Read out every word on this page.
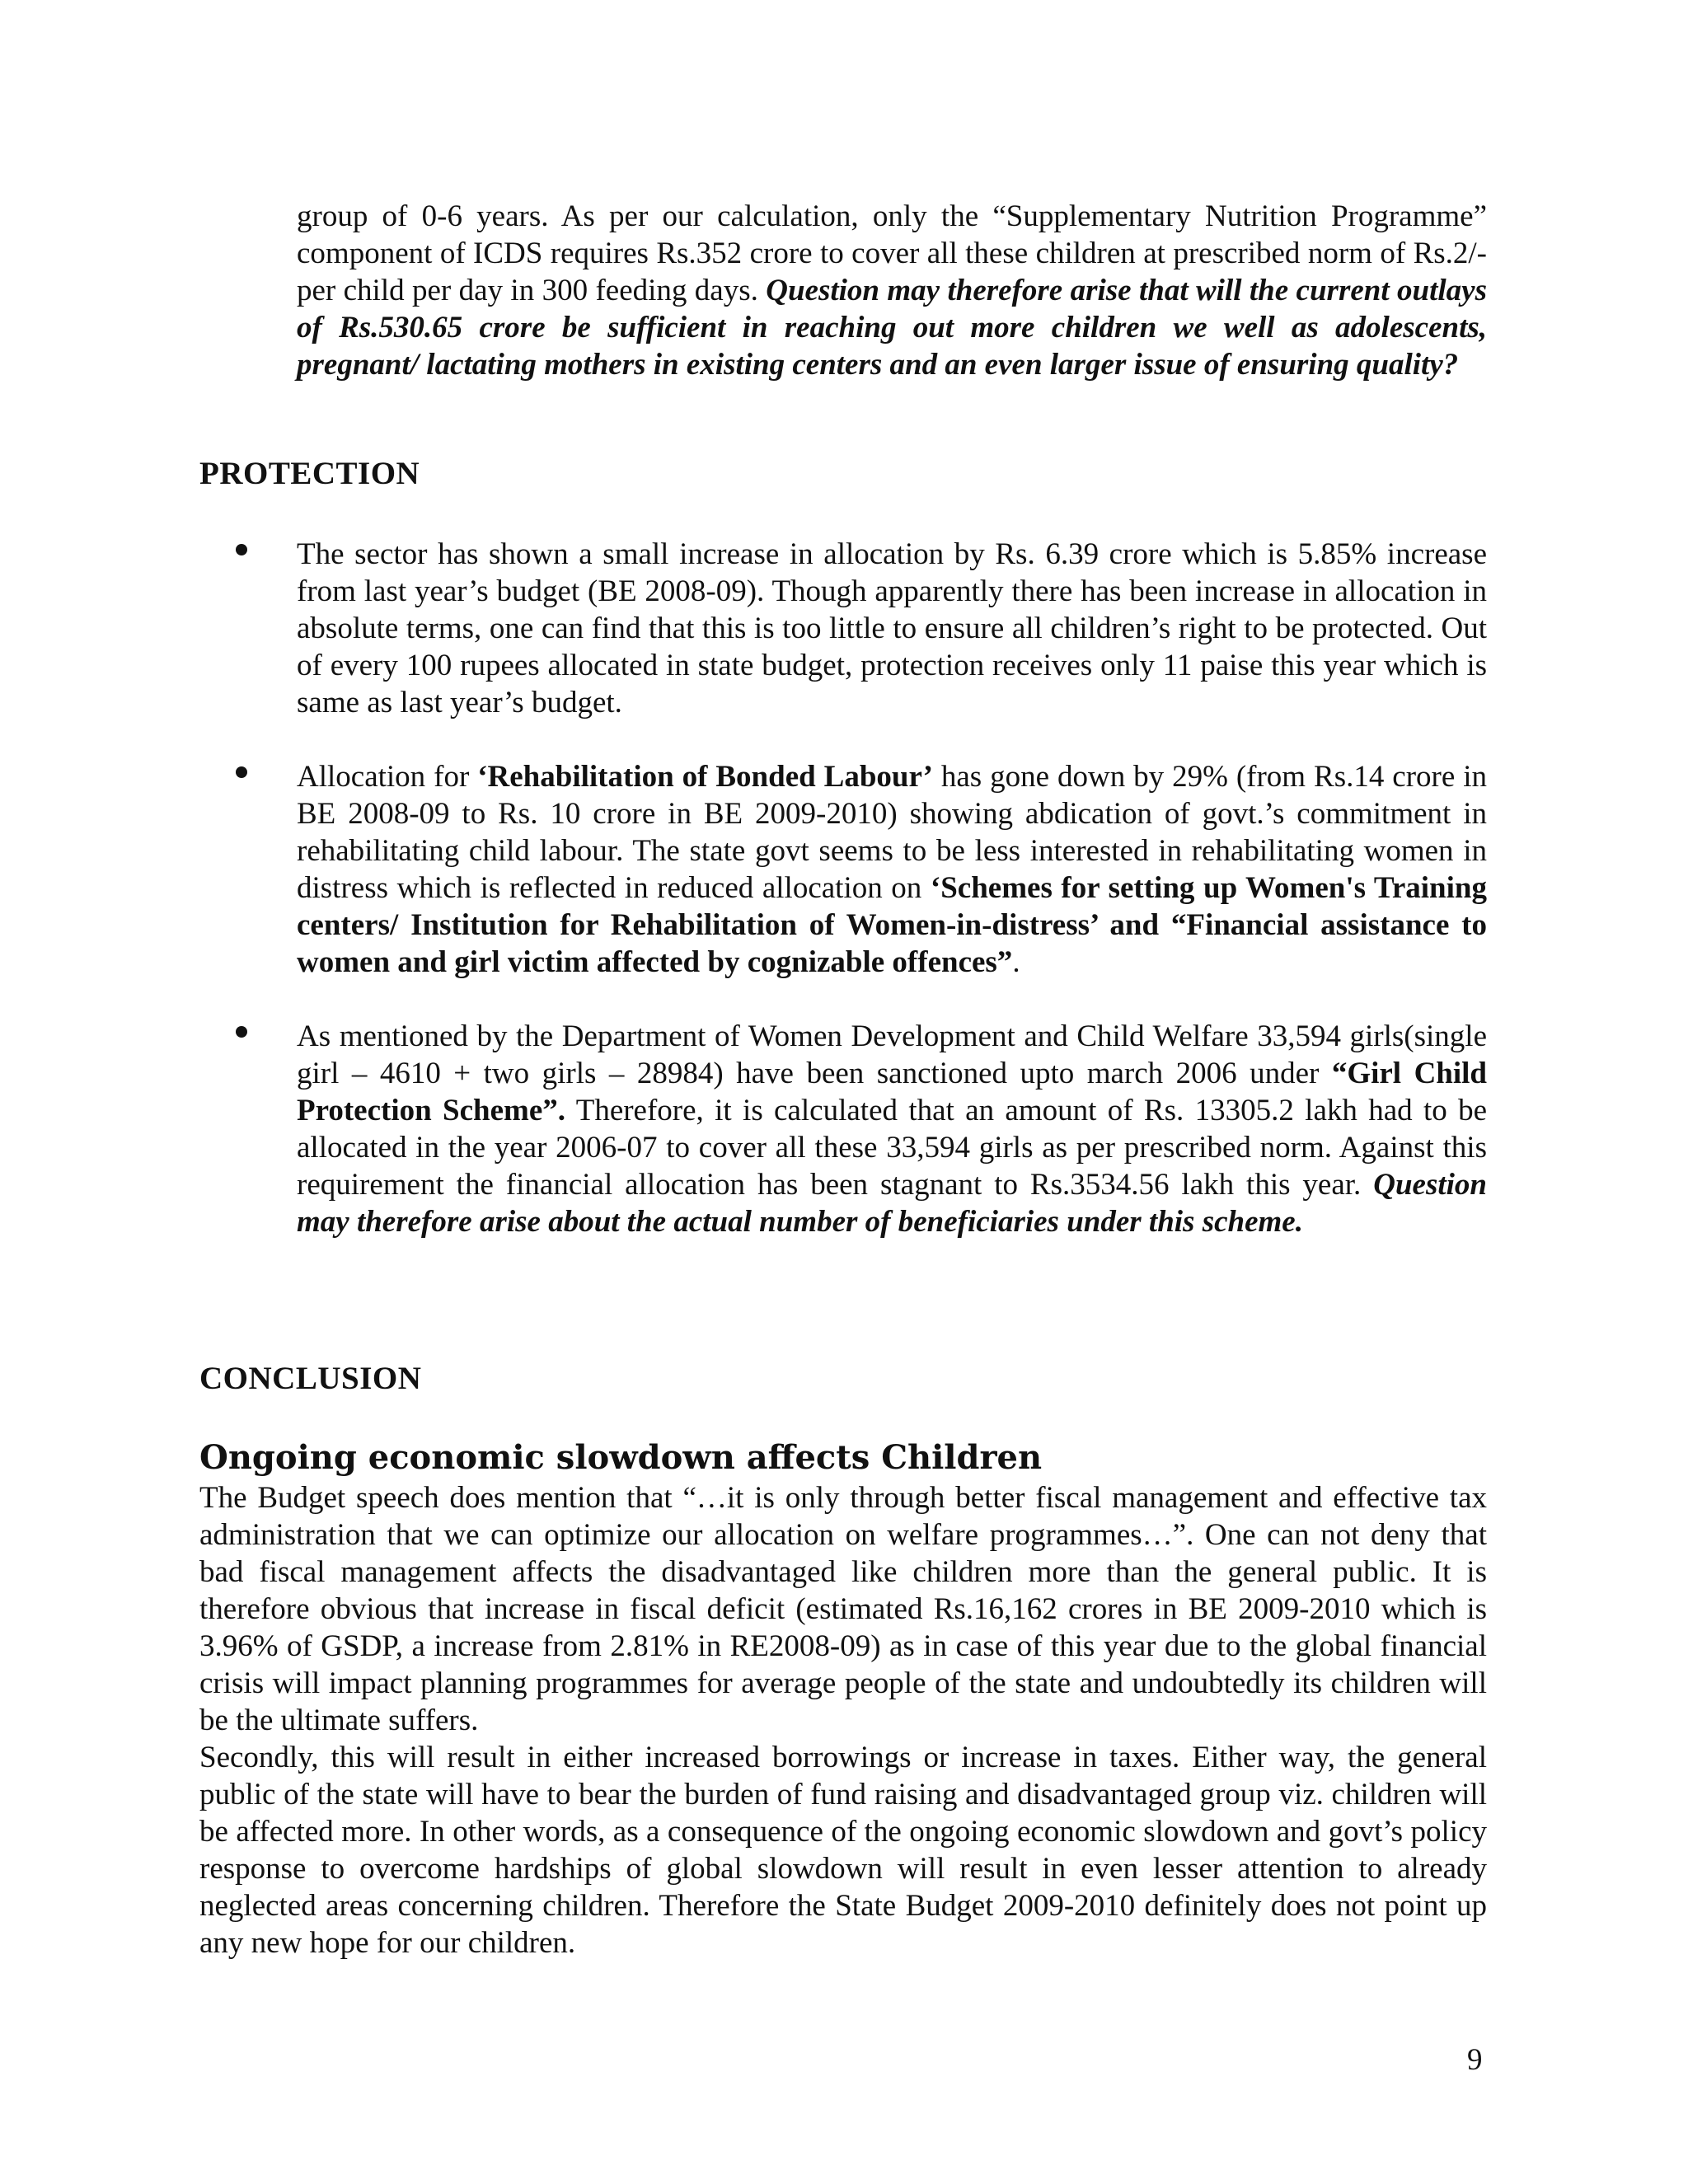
group of 0-6 years. As per our calculation, only the “Supplementary Nutrition Programme” component of ICDS requires Rs.352 crore to cover all these children at prescribed norm of Rs.2/- per child per day in 300 feeding days. Question may therefore arise that will the current outlays of Rs.530.65 crore be sufficient in reaching out more children we well as adolescents, pregnant/ lactating mothers in existing centers and an even larger issue of ensuring quality?
PROTECTION
The sector has shown a small increase in allocation by Rs. 6.39 crore which is 5.85% increase from last year’s budget (BE 2008-09). Though apparently there has been increase in allocation in absolute terms, one can find that this is too little to ensure all children’s right to be protected. Out of every 100 rupees allocated in state budget, protection receives only 11 paise this year which is same as last year’s budget.
Allocation for ‘Rehabilitation of Bonded Labour’ has gone down by 29% (from Rs.14 crore in BE 2008-09 to Rs. 10 crore in BE 2009-2010) showing abdication of govt.’s commitment in rehabilitating child labour. The state govt seems to be less interested in rehabilitating women in distress which is reflected in reduced allocation on ‘Schemes for setting up Women's Training centers/ Institution for Rehabilitation of Women-in-distress’ and “Financial assistance to women and girl victim affected by cognizable offences”.
As mentioned by the Department of Women Development and Child Welfare 33,594 girls(single girl – 4610 + two girls – 28984) have been sanctioned upto march 2006 under “Girl Child Protection Scheme”. Therefore, it is calculated that an amount of Rs. 13305.2 lakh had to be allocated in the year 2006-07 to cover all these 33,594 girls as per prescribed norm. Against this requirement the financial allocation has been stagnant to Rs.3534.56 lakh this year. Question may therefore arise about the actual number of beneficiaries under this scheme.
CONCLUSION
Ongoing economic slowdown affects Children

The Budget speech does mention that “…it is only through better fiscal management and effective tax administration that we can optimize our allocation on welfare programmes…”. One can not deny that bad fiscal management affects the disadvantaged like children more than the general public. It is therefore obvious that increase in fiscal deficit (estimated Rs.16,162 crores in BE 2009-2010 which is 3.96% of GSDP, a increase from 2.81% in RE2008-09) as in case of this year due to the global financial crisis will impact planning programmes for average people of the state and undoubtedly its children will be the ultimate suffers.

Secondly, this will result in either increased borrowings or increase in taxes. Either way, the general public of the state will have to bear the burden of fund raising and disadvantaged group viz. children will be affected more. In other words, as a consequence of the ongoing economic slowdown and govt’s policy response to overcome hardships of global slowdown will result in even lesser attention to already neglected areas concerning children. Therefore the State Budget 2009-2010 definitely does not point up any new hope for our children.

9
